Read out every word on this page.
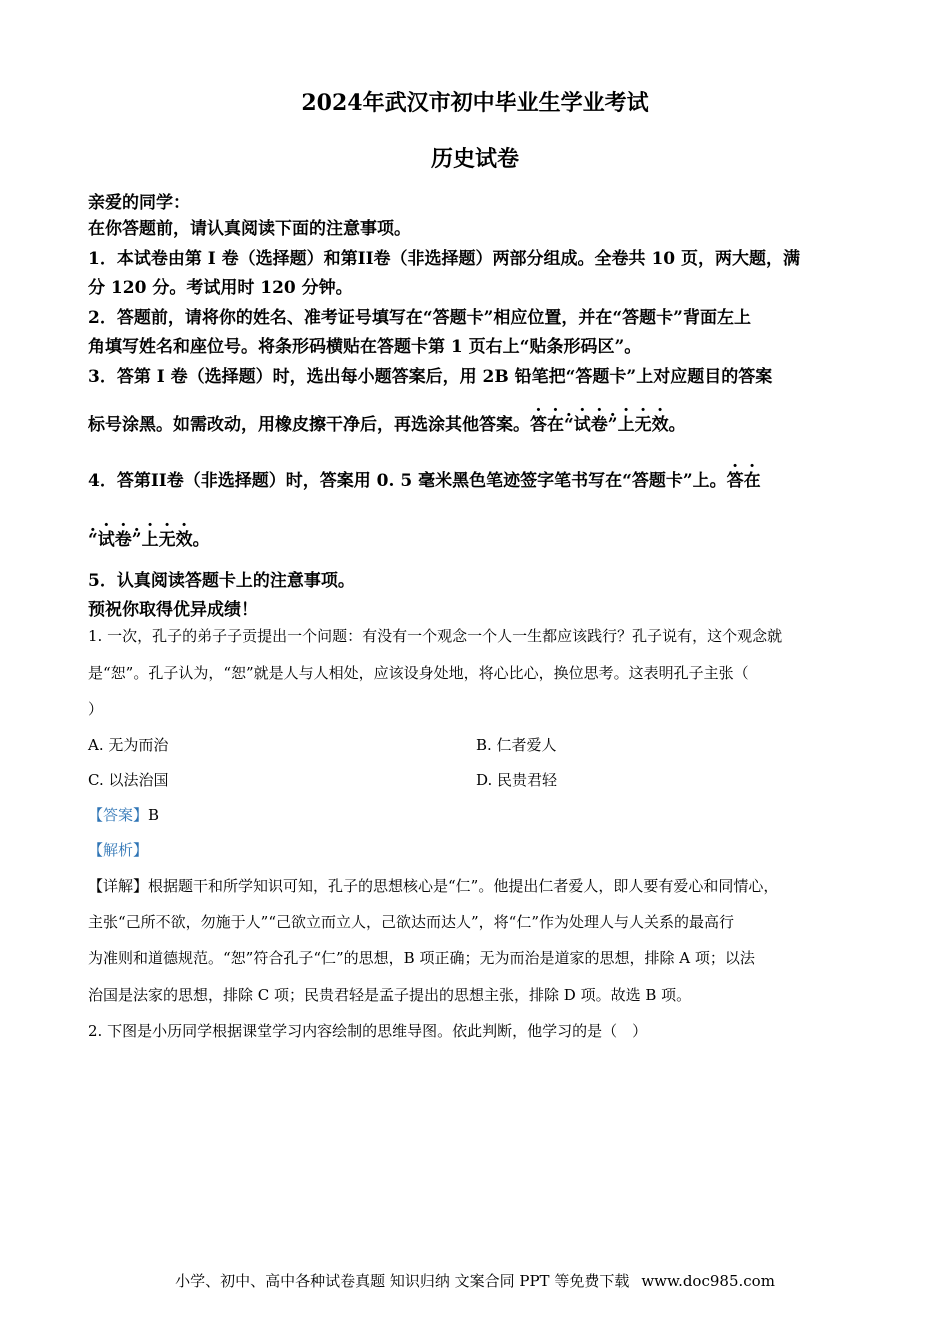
2024年武汉市初中毕业生学业考试
历史试卷
亲爱的同学：
在你答题前，请认真阅读下面的注意事项。
1．本试卷由第 I 卷（选择题）和第II卷（非选择题）两部分组成。全卷共 10 页，两大题，满
分 120 分。考试用时 120 分钟。
2．答题前，请将你的姓名、准考证号填写在“答题卡”相应位置，并在“答题卡”背面左上
角填写姓名和座位号。将条形码横贴在答题卡第 1 页右上“贴条形码区”。
3．答第 I 卷（选择题）时，选出每小题答案后，用 2B 铅笔把“答题卡”上对应题目的答案
标号涂黑。如需改动，用橡皮擦干净后，再选涂其他答案。答在. “试卷. ”上无效。
4．答第II卷（非选择题）时，答案用 0. 5 毫米黑色笔迹签字笔书写在“答题卡”上。答在
. “试卷. ”上无效。
5．认真阅读答题卡上的注意事项。
预祝你取得优异成绩！
1. 一次，孔子的弟子子贡提出一个问题：有没有一个观念一个人一生都应该践行？孔子说有，这个观念就
是“恕”。孔子认为，“恕”就是人与人相处，应该设身处地，将心比心，换位思考。这表明孔子主张（
）
A. 无为而治	B. 仁者爱人
C. 以法治国	D. 民贵君轻
【答案】B
【解析】
【详解】根据题干和所学知识可知，孔子的思想核心是“仁”。他提出仁者爱人，即人要有爱心和同情心，
主张“己所不欲，勿施于人”“己欲立而立人，己欲达而达人”，将“仁”作为处理人与人关系的最高行
为准则和道德规范。“恕”符合孔子“仁”的思想，B 项正确；无为而治是道家的思想，排除 A 项；以法
治国是法家的思想，排除 C 项；民贵君轻是孟子提出的思想主张，排除 D 项。故选 B 项。
2. 下图是小历同学根据课堂学习内容绘制的思维导图。依此判断，他学习的是（　）
小学、初中、高中各种试卷真题 知识归纳 文案合同 PPT 等免费下载 www.doc985.com
